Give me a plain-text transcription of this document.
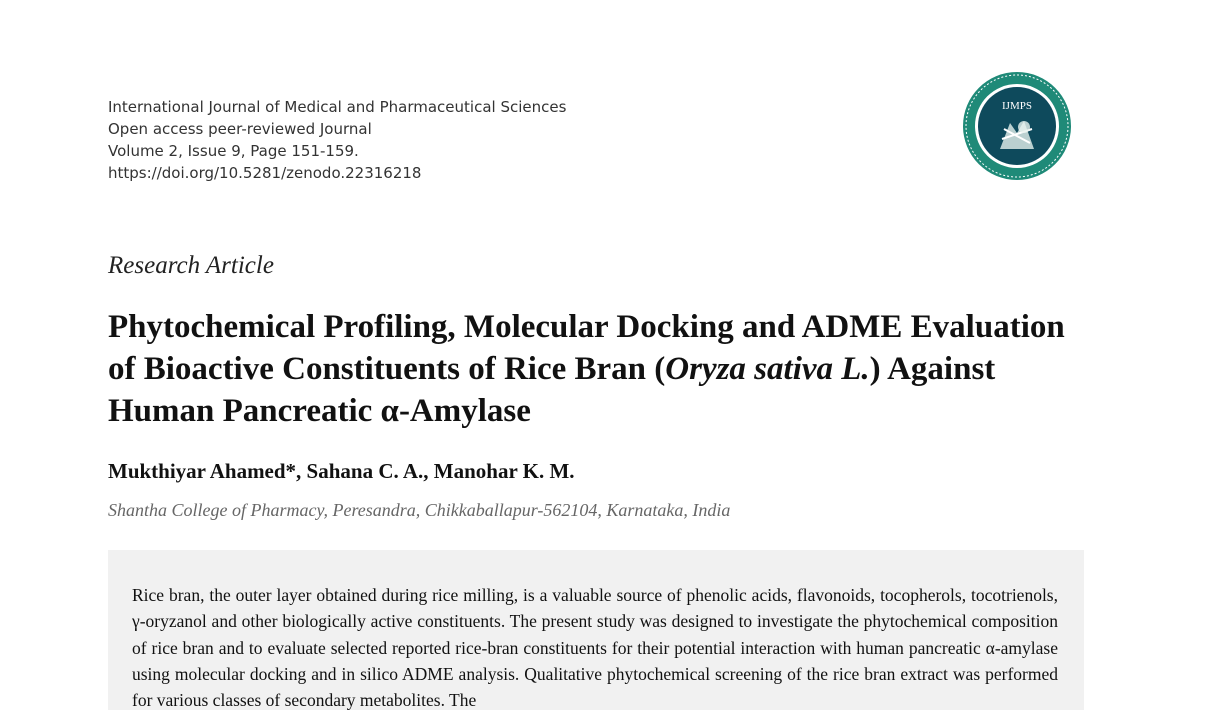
International Journal of Medical and Pharmaceutical Sciences
Open access peer-reviewed Journal
Volume 2, Issue 9, Page 151-159.
https://doi.org/10.5281/zenodo.22316218
IJMPS
Research Article
Phytochemical Profiling, Molecular Docking and ADME Evaluation of Bioactive Constituents of Rice Bran (Oryza sativa L.) Against Human Pancreatic α-Amylase
Mukthiyar Ahamed*, Sahana C. A., Manohar K. M.
Shantha College of Pharmacy, Peresandra, Chikkaballapur-562104, Karnataka, India

Rice bran, the outer layer obtained during rice milling, is a valuable source of phenolic acids, flavonoids, tocopherols, tocotrienols, γ-oryzanol and other biologically active constituents. The present study was designed to investigate the phytochemical composition of rice bran and to evaluate selected reported rice-bran constituents for their potential interaction with human pancreatic α-amylase using molecular docking and in silico ADME analysis. Qualitative phytochemical screening of the rice bran extract was performed for various classes of secondary metabolites. The
